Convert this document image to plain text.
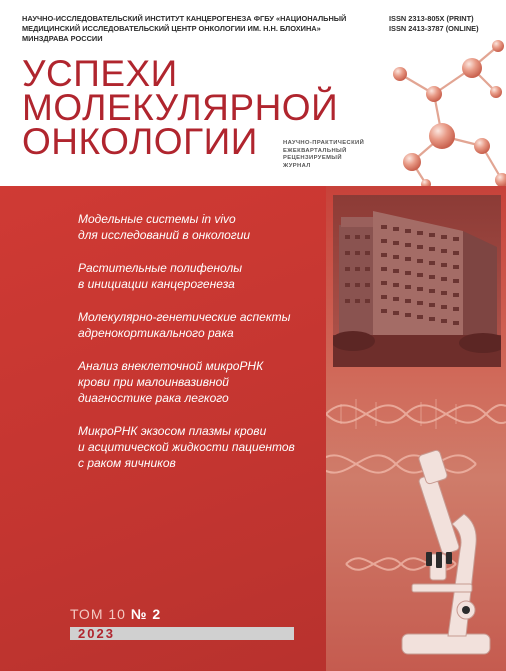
НАУЧНО-ИССЛЕДОВАТЕЛЬСКИЙ ИНСТИТУТ КАНЦЕРОГЕНЕЗА ФГБУ «НАЦИОНАЛЬНЫЙ
МЕДИЦИНСКИЙ ИССЛЕДОВАТЕЛЬСКИЙ ЦЕНТР ОНКОЛОГИИ ИМ. Н.Н. БЛОХИНА»
МИНЗДРАВА РОССИИ

ISSN 2313-805X (PRINT)
ISSN 2413-3787 (ONLINE)
УСПЕХИ
МОЛЕКУЛЯРНОЙ
ОНКОЛОГИИ	НАУЧНО-ПРАКТИЧЕСКИЙ
ЕЖЕКВАРТАЛЬНЫЙ
РЕЦЕНЗИРУЕМЫЙ
ЖУРНАЛ
Модельные системы in vivo
для исследований в онкологии
Растительные полифенолы
в инициации канцерогенеза
Молекулярно-генетические аспекты
адренокортикального рака
Анализ внеклеточной микроРНК
крови при малоинвазивной
диагностике рака легкого
МикроРНК экзосом плазмы крови
и асцитической жидкости пациентов
с раком яичников
ТОМ 10 № 2
2023
